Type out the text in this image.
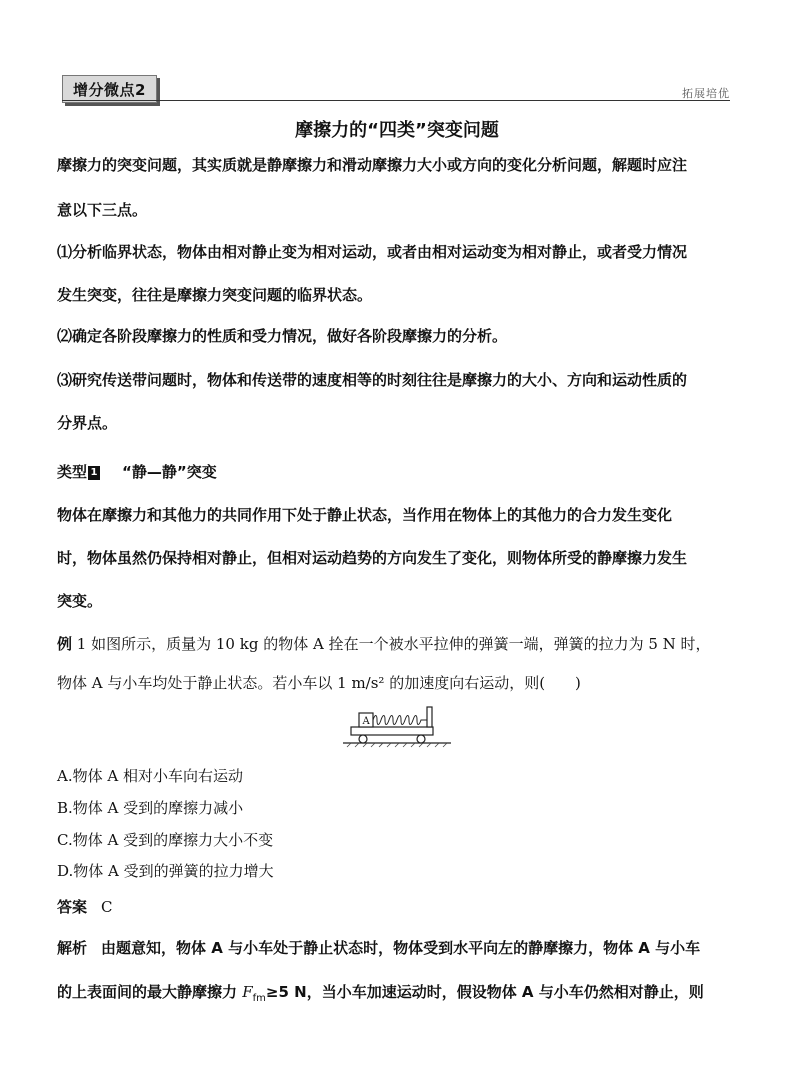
增分微点2	拓展培优
摩擦力的“四类”突变问题
摩擦力的突变问题，其实质就是静摩擦力和滑动摩擦力大小或方向的变化分析问题，解题时应注
意以下三点。
⑴分析临界状态，物体由相对静止变为相对运动，或者由相对运动变为相对静止，或者受力情况
发生突变，往往是摩擦力突变问题的临界状态。
⑵确定各阶段摩擦力的性质和受力情况，做好各阶段摩擦力的分析。
⑶研究传送带问题时，物体和传送带的速度相等的时刻往往是摩擦力的大小、方向和运动性质的
分界点。
类型 1 “静—静”突变
物体在摩擦力和其他力的共同作用下处于静止状态，当作用在物体上的其他力的合力发生变化
时，物体虽然仍保持相对静止，但相对运动趋势的方向发生了变化，则物体所受的静摩擦力发生
突变。
例 1 如图所示，质量为 10 kg 的物体 A 拴在一个被水平拉伸的弹簧一端，弹簧的拉力为 5 N 时，
物体 A 与小车均处于静止状态。若小车以 1 m/s² 的加速度向右运动，则(　　)
A
A.物体 A 相对小车向右运动
B.物体 A 受到的摩擦力减小
C.物体 A 受到的摩擦力大小不变
D.物体 A 受到的弹簧的拉力增大
答案 C
解析 由题意知，物体 A 与小车处于静止状态时，物体受到水平向左的静摩擦力，物体 A 与小车
的上表面间的最大静摩擦力 $F_{fm}\ge 5$ N，当小车加速运动时，假设物体 A 与小车仍然相对静止，则
